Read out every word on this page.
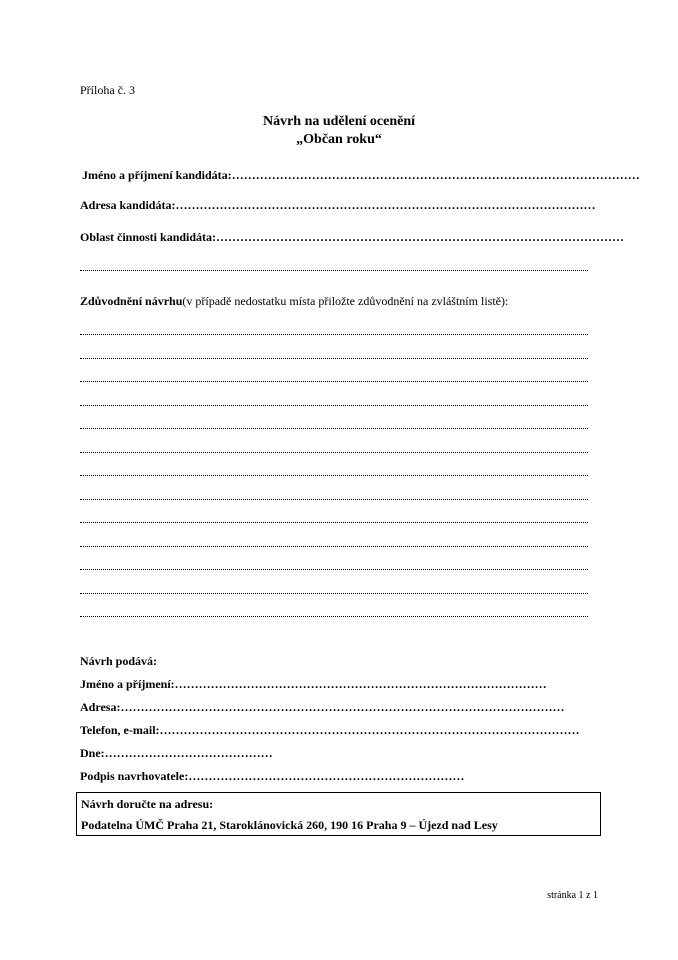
Příloha č. 3
Návrh na udělení ocenění
„Občan roku“
Jméno a příjmení kandidáta: …………………………………………………………………………………………
Adresa kandidáta: ……………………………………………………………………………………………
Oblast činnosti kandidáta: …………………………………………………………………………………………
Zdůvodnění návrhu (v případě nedostatku místa přiložte zdůvodnění na zvláštním listě):
Návrh podává:
Jméno a příjmení: …………………………………………………………………………………
Adresa: …………………………………………………………………………………………………
Telefon, e-mail: ……………………………………………………………………………………………
Dne: ……………………………………
Podpis navrhovatele: ……………………………………………………………
Návrh doručte na adresu:
Podatelna ÚMČ Praha 21, Staroklánovická 260, 190 16 Praha 9 – Újezd nad Lesy
stránka 1 z 1
